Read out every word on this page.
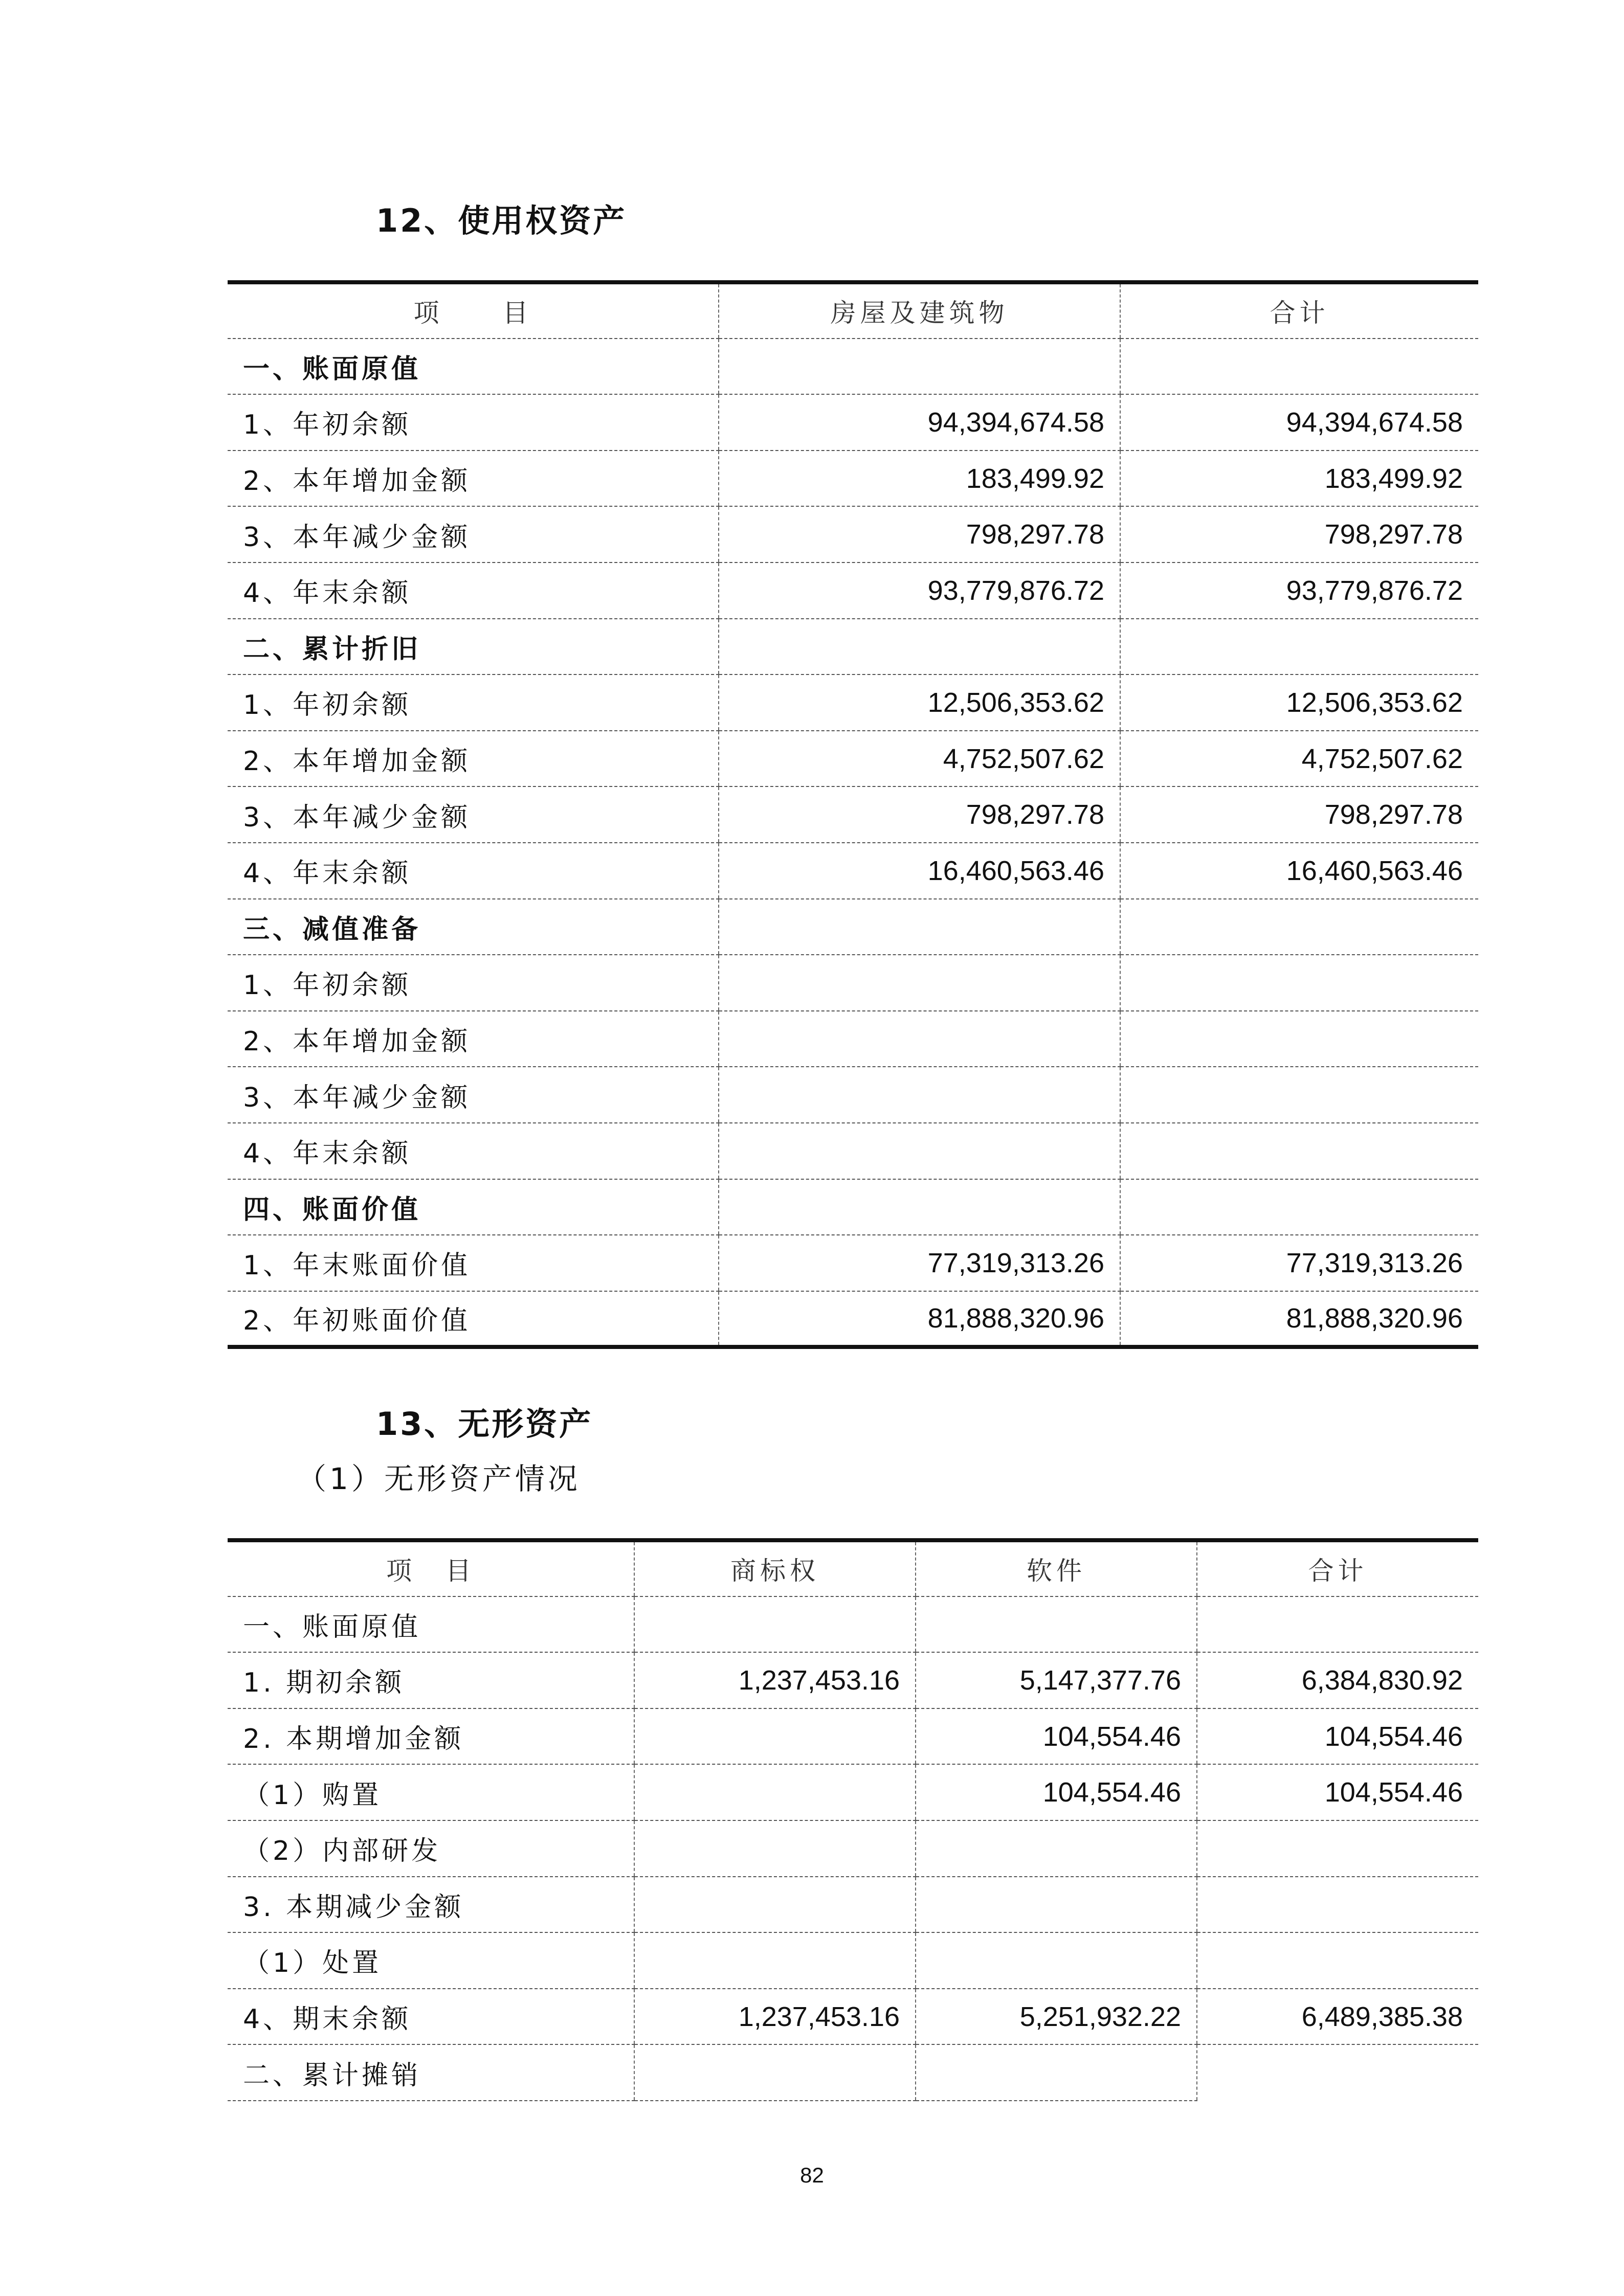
12、使用权资产
项　　目	房屋及建筑物	合计
一、账面原值		
1、年初余额	94,394,674.58	94,394,674.58
2、本年增加金额	183,499.92	183,499.92
3、本年减少金额	798,297.78	798,297.78
4、年末余额	93,779,876.72	93,779,876.72
二、累计折旧		
1、年初余额	12,506,353.62	12,506,353.62
2、本年增加金额	4,752,507.62	4,752,507.62
3、本年减少金额	798,297.78	798,297.78
4、年末余额	16,460,563.46	16,460,563.46
三、减值准备		
1、年初余额		
2、本年增加金额		
3、本年减少金额		
4、年末余额		
四、账面价值		
1、年末账面价值	77,319,313.26	77,319,313.26
2、年初账面价值	81,888,320.96	81,888,320.96
13、无形资产
（1）无形资产情况
项　目	商标权	软件	合计
一、账面原值			
1. 期初余额	1,237,453.16	5,147,377.76	6,384,830.92
2. 本期增加金额		104,554.46	104,554.46
（1）购置		104,554.46	104,554.46
（2）内部研发			
3. 本期减少金额			
（1）处置			
4、期末余额	1,237,453.16	5,251,932.22	6,489,385.38
二、累计摊销			
82
